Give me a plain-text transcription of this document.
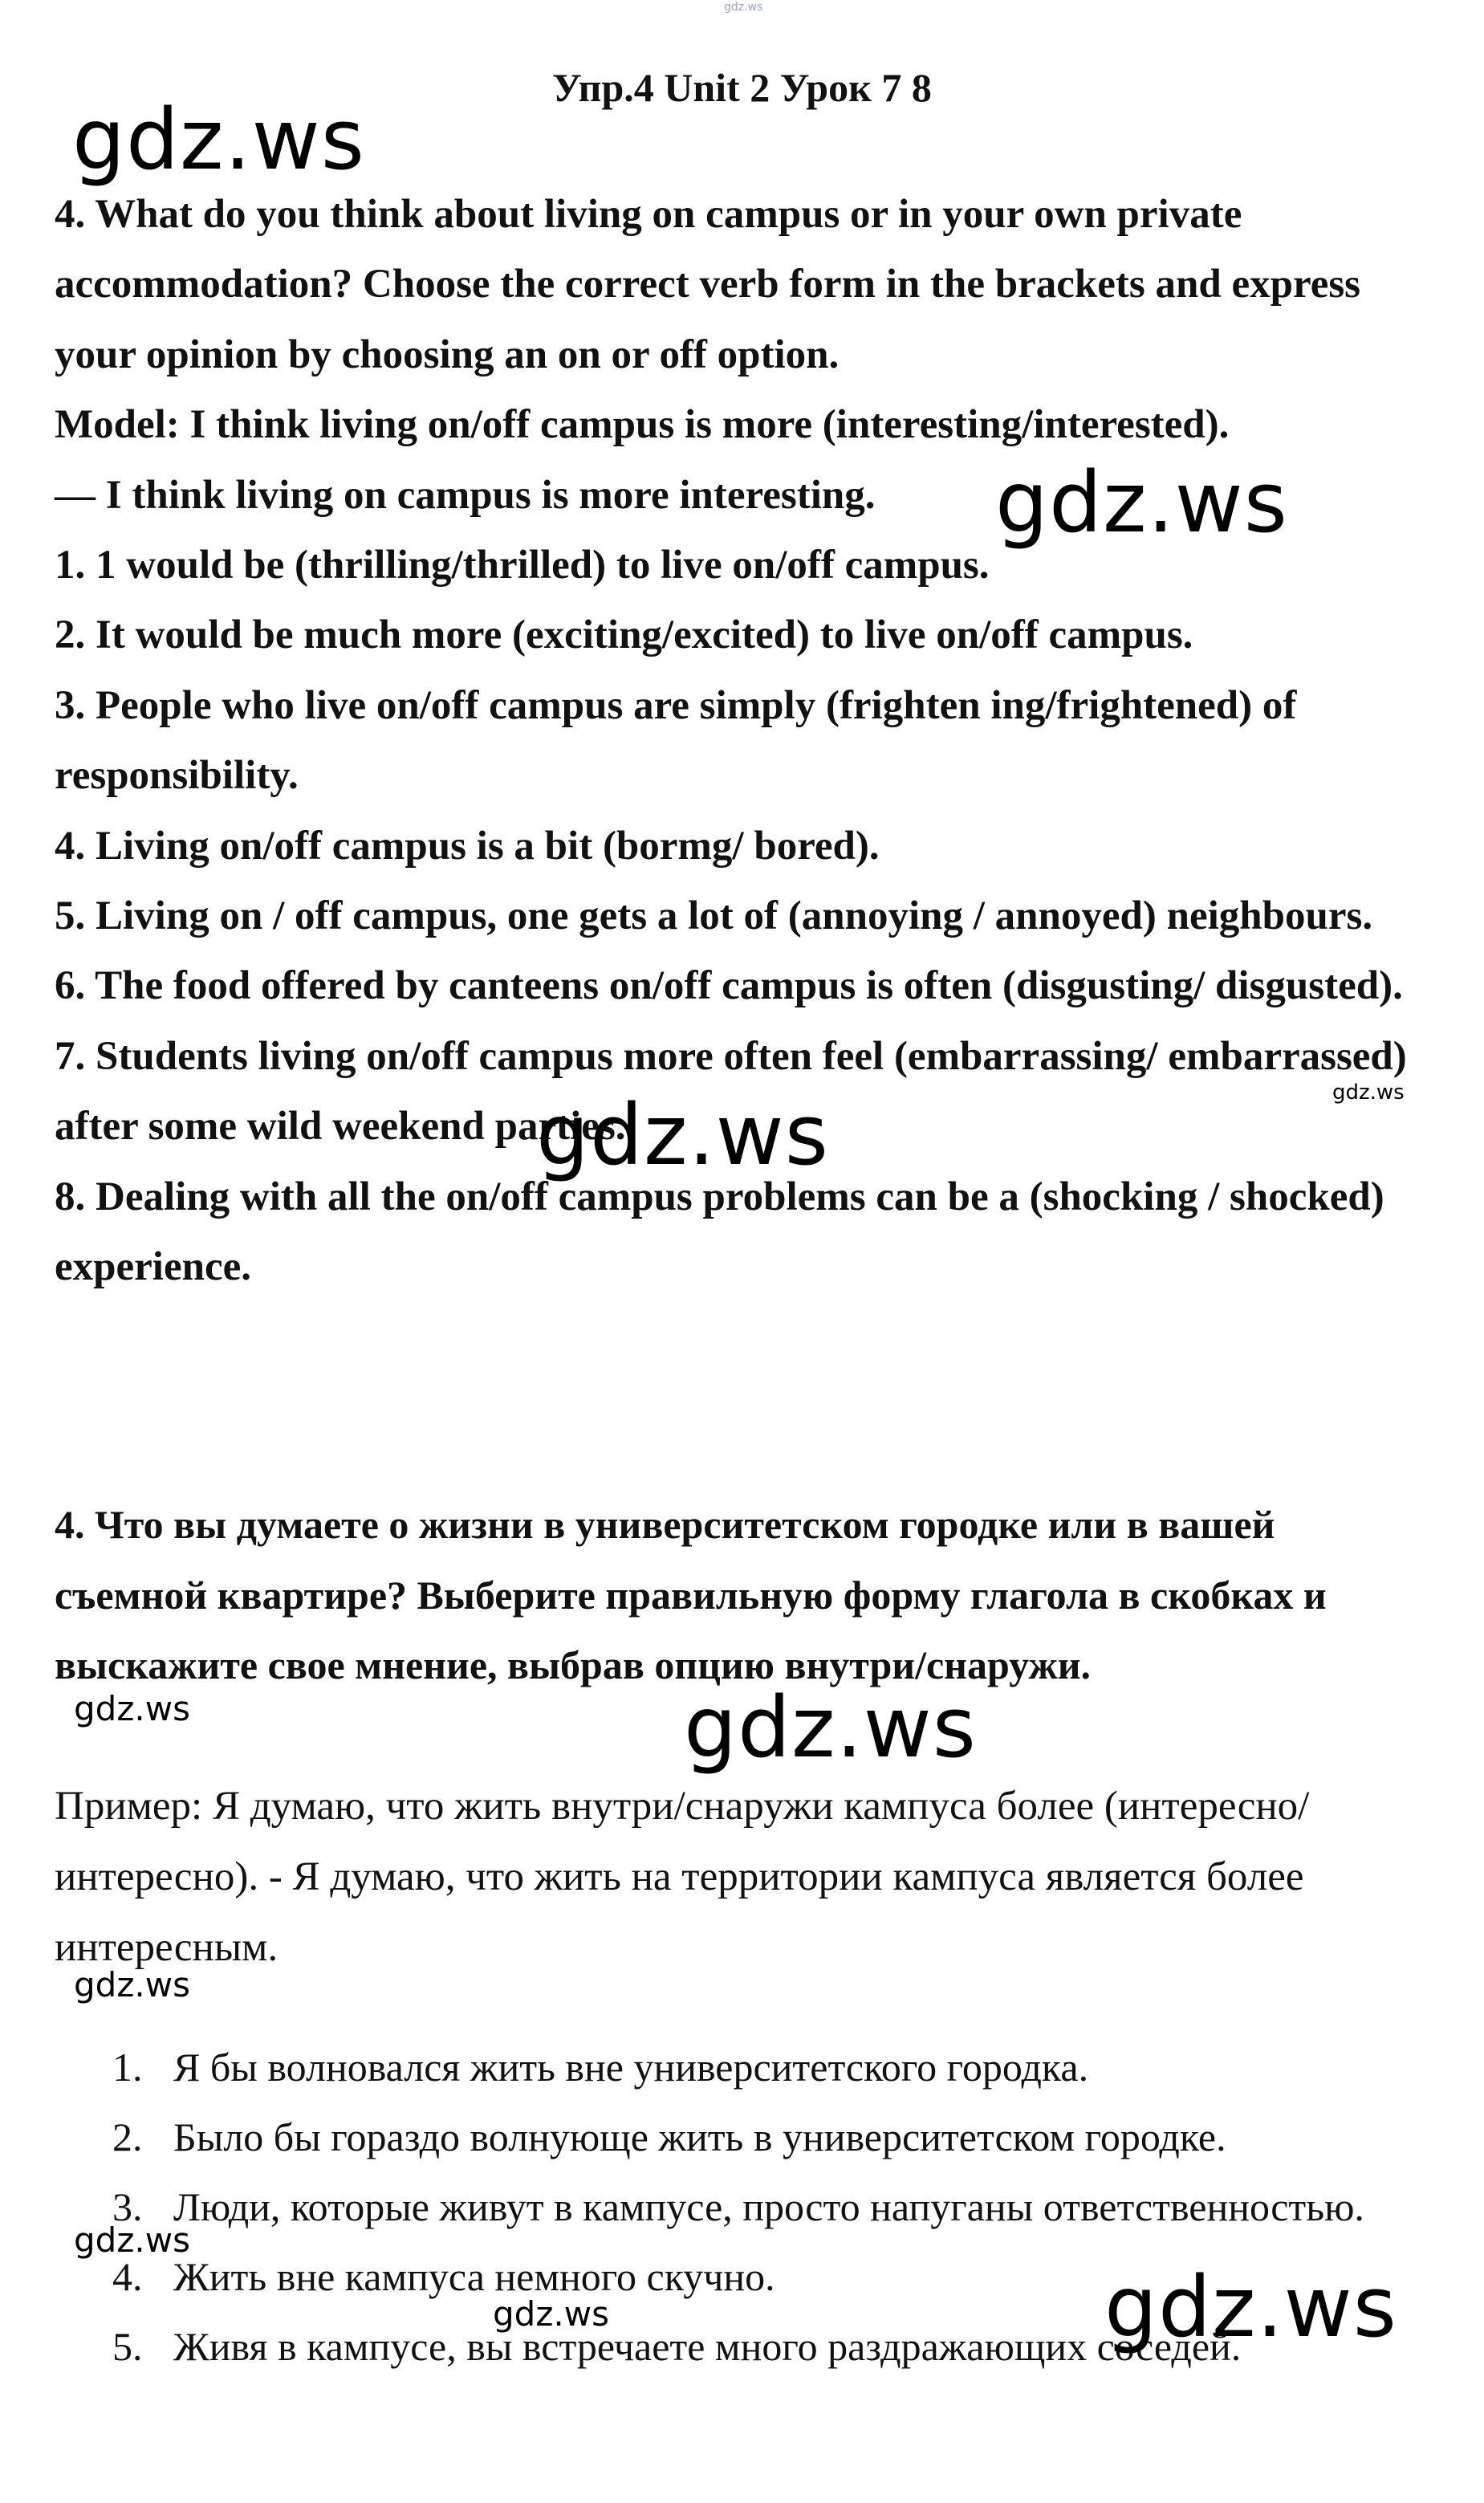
gdz.ws
Упр.4 Unit 2 Урок 7 8
4. What do you think about living on campus or in your own private accommodation? Choose the correct verb form in the brackets and express your opinion by choosing an on or off option.
Model: I think living on/off campus is more (interesting/interested).
— I think living on campus is more interesting.
1. 1 would be (thrilling/thrilled) to live on/off campus.
2. It would be much more (exciting/excited) to live on/off campus.
3. People who live on/off campus are simply (frighten ing/frightened) of responsibility.
4. Living on/off campus is a bit (bormg/ bored).
5. Living on / off campus, one gets a lot of (annoying / annoyed) neighbours.
6. The food offered by canteens on/off campus is often (disgusting/ disgusted).
7. Students living on/off campus more often feel (embarrassing/ embarrassed) after some wild weekend parties.
8. Dealing with all the on/off campus problems can be a (shocking / shocked) experience.
4. Что вы думаете о жизни в университетском городке или в вашей съемной квартире? Выберите правильную форму глагола в скобках и выскажите свое мнение, выбрав опцию внутри/снаружи.
Пример: Я думаю, что жить внутри/снаружи кампуса более (интересно/интересно). - Я думаю, что жить на территории кампуса является более интересным.
1. Я бы волновался жить вне университетского городка.
2. Было бы гораздо волнующе жить в университетском городке.
3. Люди, которые живут в кампусе, просто напуганы ответственностью.
4. Жить вне кампуса немного скучно.
5. Живя в кампусе, вы встречаете много раздражающих соседей.
gdz.ws
gdz.ws
gdz.ws
gdz.ws
gdz.ws	gdz.ws
gdz.ws
gdz.ws
gdz.ws	gdz.ws
